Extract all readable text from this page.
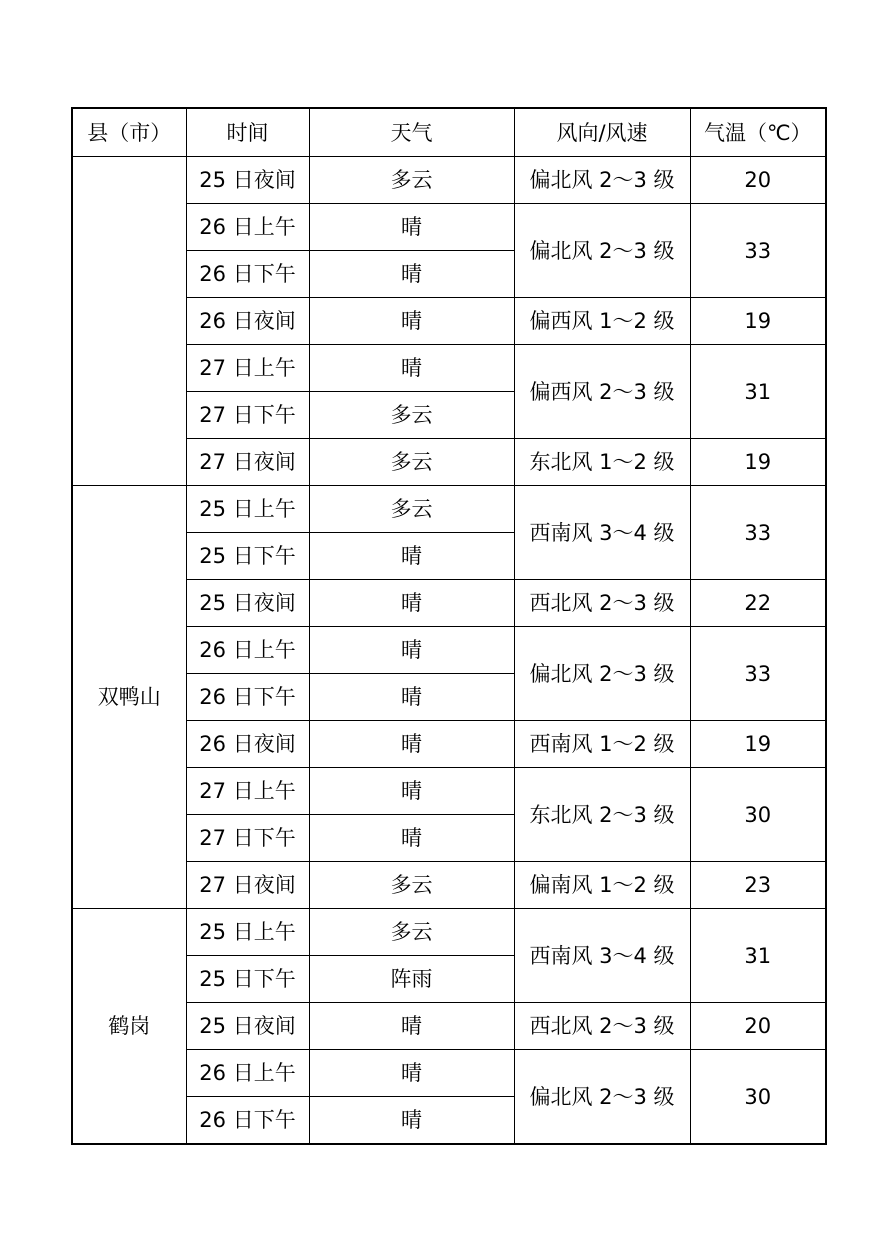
县（市）	时间	天气	风向/风速	气温（℃）
	25 日夜间	多云	偏北风 2～3 级	20
	26 日上午	晴	偏北风 2～3 级	33
	26 日下午	晴		
	26 日夜间	晴	偏西风 1～2 级	19
	27 日上午	晴	偏西风 2～3 级	31
	27 日下午	多云		
	27 日夜间	多云	东北风 1～2 级	19
双鸭山	25 日上午	多云	西南风 3～4 级	33
	25 日下午	晴		
	25 日夜间	晴	西北风 2～3 级	22
	26 日上午	晴	偏北风 2～3 级	33
	26 日下午	晴		
	26 日夜间	晴	西南风 1～2 级	19
	27 日上午	晴	东北风 2～3 级	30
	27 日下午	晴		
	27 日夜间	多云	偏南风 1～2 级	23
鹤岗	25 日上午	多云	西南风 3～4 级	31
	25 日下午	阵雨		
	25 日夜间	晴	西北风 2～3 级	20
	26 日上午	晴	偏北风 2～3 级	30
	26 日下午	晴		
